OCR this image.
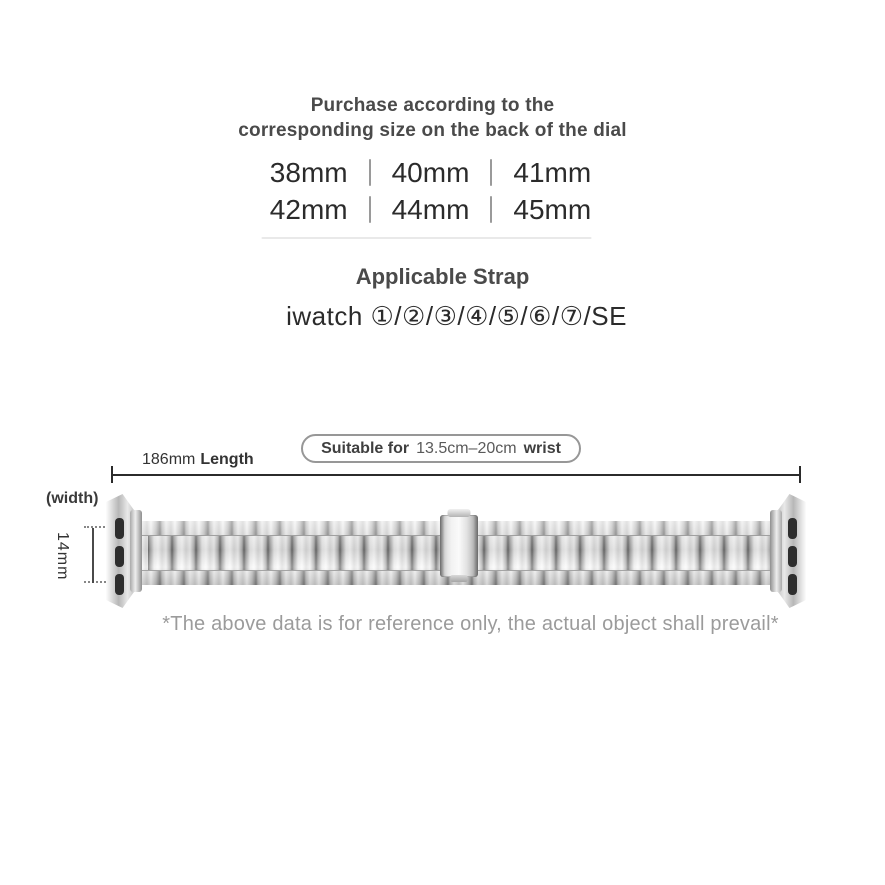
Purchase according to the
corresponding size on the back of the dial
38mm 40mm 41mm
42mm 44mm 45mm
Applicable Strap
iwatch ①/②/③/④/⑤/⑥/⑦/SE
Suitable for 13.5cm–20cm wrist
186mm Length
(width)
14mm
*The above data is for reference only, the actual object shall prevail*
